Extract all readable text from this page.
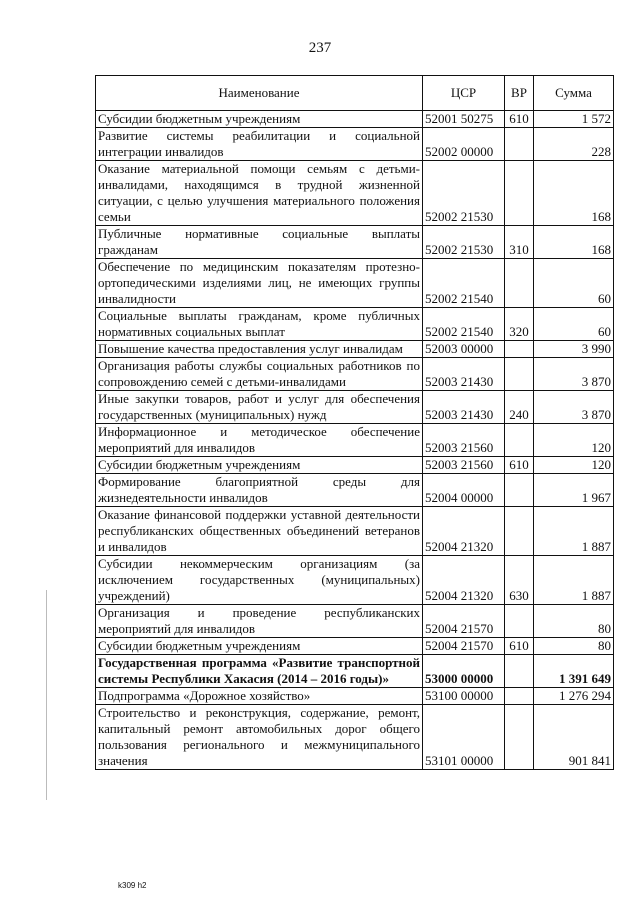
237
Наименование	ЦСР	ВР	Сумма
Субсидии бюджетным учреждениям	52001 50275	610	1 572
Развитие системы реабилитации и социальной интеграции инвалидов	52002 00000		228
Оказание материальной помощи семьям с детьми-инвалидами, находящимся в трудной жизненной ситуации, с целью улучшения материального положения семьи	52002 21530		168
Публичные нормативные социальные выплаты гражданам	52002 21530	310	168
Обеспечение по медицинским показателям протезно-ортопедическими изделиями лиц, не имеющих группы инвалидности	52002 21540		60
Социальные выплаты гражданам, кроме публичных нормативных социальных выплат	52002 21540	320	60
Повышение качества предоставления услуг инвалидам	52003 00000		3 990
Организация работы службы социальных работников по сопровождению семей с детьми-инвалидами	52003 21430		3 870
Иные закупки товаров, работ и услуг для обеспечения государственных (муниципальных) нужд	52003 21430	240	3 870
Информационное и методическое обеспечение мероприятий для инвалидов	52003 21560		120
Субсидии бюджетным учреждениям	52003 21560	610	120
Формирование благоприятной среды для жизнедеятельности инвалидов	52004 00000		1 967
Оказание финансовой поддержки уставной деятельности республиканских общественных объединений ветеранов и инвалидов	52004 21320		1 887
Субсидии некоммерческим организациям (за исключением государственных (муниципальных) учреждений)	52004 21320	630	1 887
Организация и проведение республиканских мероприятий для инвалидов	52004 21570		80
Субсидии бюджетным учреждениям	52004 21570	610	80
Государственная программа «Развитие транспортной системы Республики Хакасия (2014 – 2016 годы)»	53000 00000		1 391 649
Подпрограмма «Дорожное хозяйство»	53100 00000		1 276 294
Строительство и реконструкция, содержание, ремонт, капитальный ремонт автомобильных дорог общего пользования регионального и межмуниципального значения	53101 00000		901 841
k309 h2
